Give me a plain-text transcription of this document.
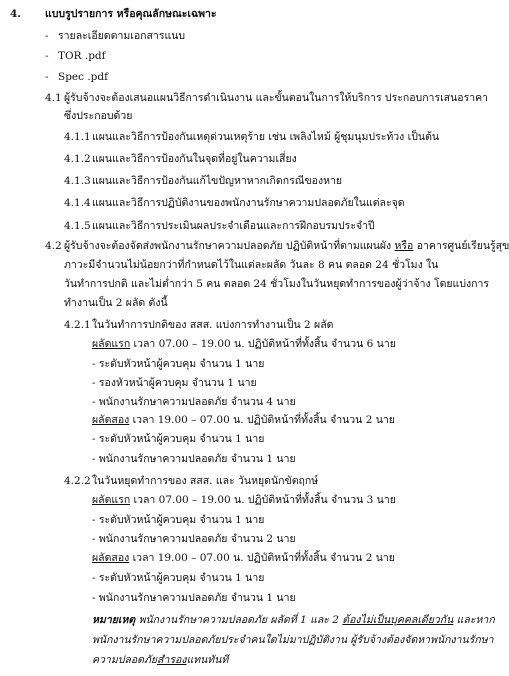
4. แบบรูปรายการ หรือคุณลักษณะเฉพาะ
- รายละเอียดตามเอกสารแนบ
- TOR .pdf
- Spec .pdf
4.1 ผู้รับจ้างจะต้องเสนอแผนวิธีการดำเนินงาน และขั้นตอนในการให้บริการ ประกอบการเสนอราคา
ซึ่งประกอบด้วย
4.1.1 แผนและวิธีการป้องกันเหตุด่วนเหตุร้าย เช่น เพลิงไหม้ ผู้ชุมนุมประท้วง เป็นต้น
4.1.2 แผนและวิธีการป้องกันในจุดที่อยู่ในความเสี่ยง
4.1.3 แผนและวิธีการป้องกันแก้ไขปัญหาหากเกิดกรณีของหาย
4.1.4 แผนและวิธีการปฏิบัติงานของพนักงานรักษาความปลอดภัยในแต่ละจุด
4.1.5 แผนและวิธีการประเมินผลประจำเดือนและการฝึกอบรมประจำปี
4.2 ผู้รับจ้างจะต้องจัดส่งพนักงานรักษาความปลอดภัย ปฏิบัติหน้าที่ตามแผนผัง หรือ อาคารศูนย์เรียนรู้สุข
ภาวะมีจำนวนไม่น้อยกว่าที่กำหนดไว้ในแต่ละผลัด วันละ 8 คน ตลอด 24 ชั่วโมง ใน
วันทำการปกติ และไม่ต่ำกว่า 5 คน ตลอด 24 ชั่วโมงในวันหยุดทำการของผู้ว่าจ้าง โดยแบ่งการ
ทำงานเป็น 2 ผลัด ดังนี้
4.2.1 ในวันทำการปกติของ สสส. แบ่งการทำงานเป็น 2 ผลัด
ผลัดแรก เวลา 07.00 – 19.00 น. ปฏิบัติหน้าที่ทั้งสิ้น จำนวน 6 นาย
- ระดับหัวหน้าผู้ควบคุม จำนวน 1 นาย
- รองหัวหน้าผู้ควบคุม จำนวน 1 นาย
- พนักงานรักษาความปลอดภัย จำนวน 4 นาย
ผลัดสอง เวลา 19.00 – 07.00 น. ปฏิบัติหน้าที่ทั้งสิ้น จำนวน 2 นาย
- ระดับหัวหน้าผู้ควบคุม จำนวน 1 นาย
- พนักงานรักษาความปลอดภัย จำนวน 1 นาย
4.2.2 ในวันหยุดทำการของ สสส. และ วันหยุดนักขัตฤกษ์
ผลัดแรก เวลา 07.00 – 19.00 น. ปฏิบัติหน้าที่ทั้งสิ้น จำนวน 3 นาย
- ระดับหัวหน้าผู้ควบคุม จำนวน 1 นาย
- พนักงานรักษาความปลอดภัย จำนวน 2 นาย
ผลัดสอง เวลา 19.00 – 07.00 น. ปฏิบัติหน้าที่ทั้งสิ้น จำนวน 2 นาย
- ระดับหัวหน้าผู้ควบคุม จำนวน 1 นาย
- พนักงานรักษาความปลอดภัย จำนวน 1 นาย
หมายเหตุ พนักงานรักษาความปลอดภัย ผลัดที่ 1 และ 2 ต้องไม่เป็นบุคคลเดียวกัน และหาก
พนักงานรักษาความปลอดภัยประจำคนใดไม่มาปฏิบัติงาน ผู้รับจ้างต้องจัดหาพนักงานรักษา
ความปลอดภัยสำรองแทนทันที
